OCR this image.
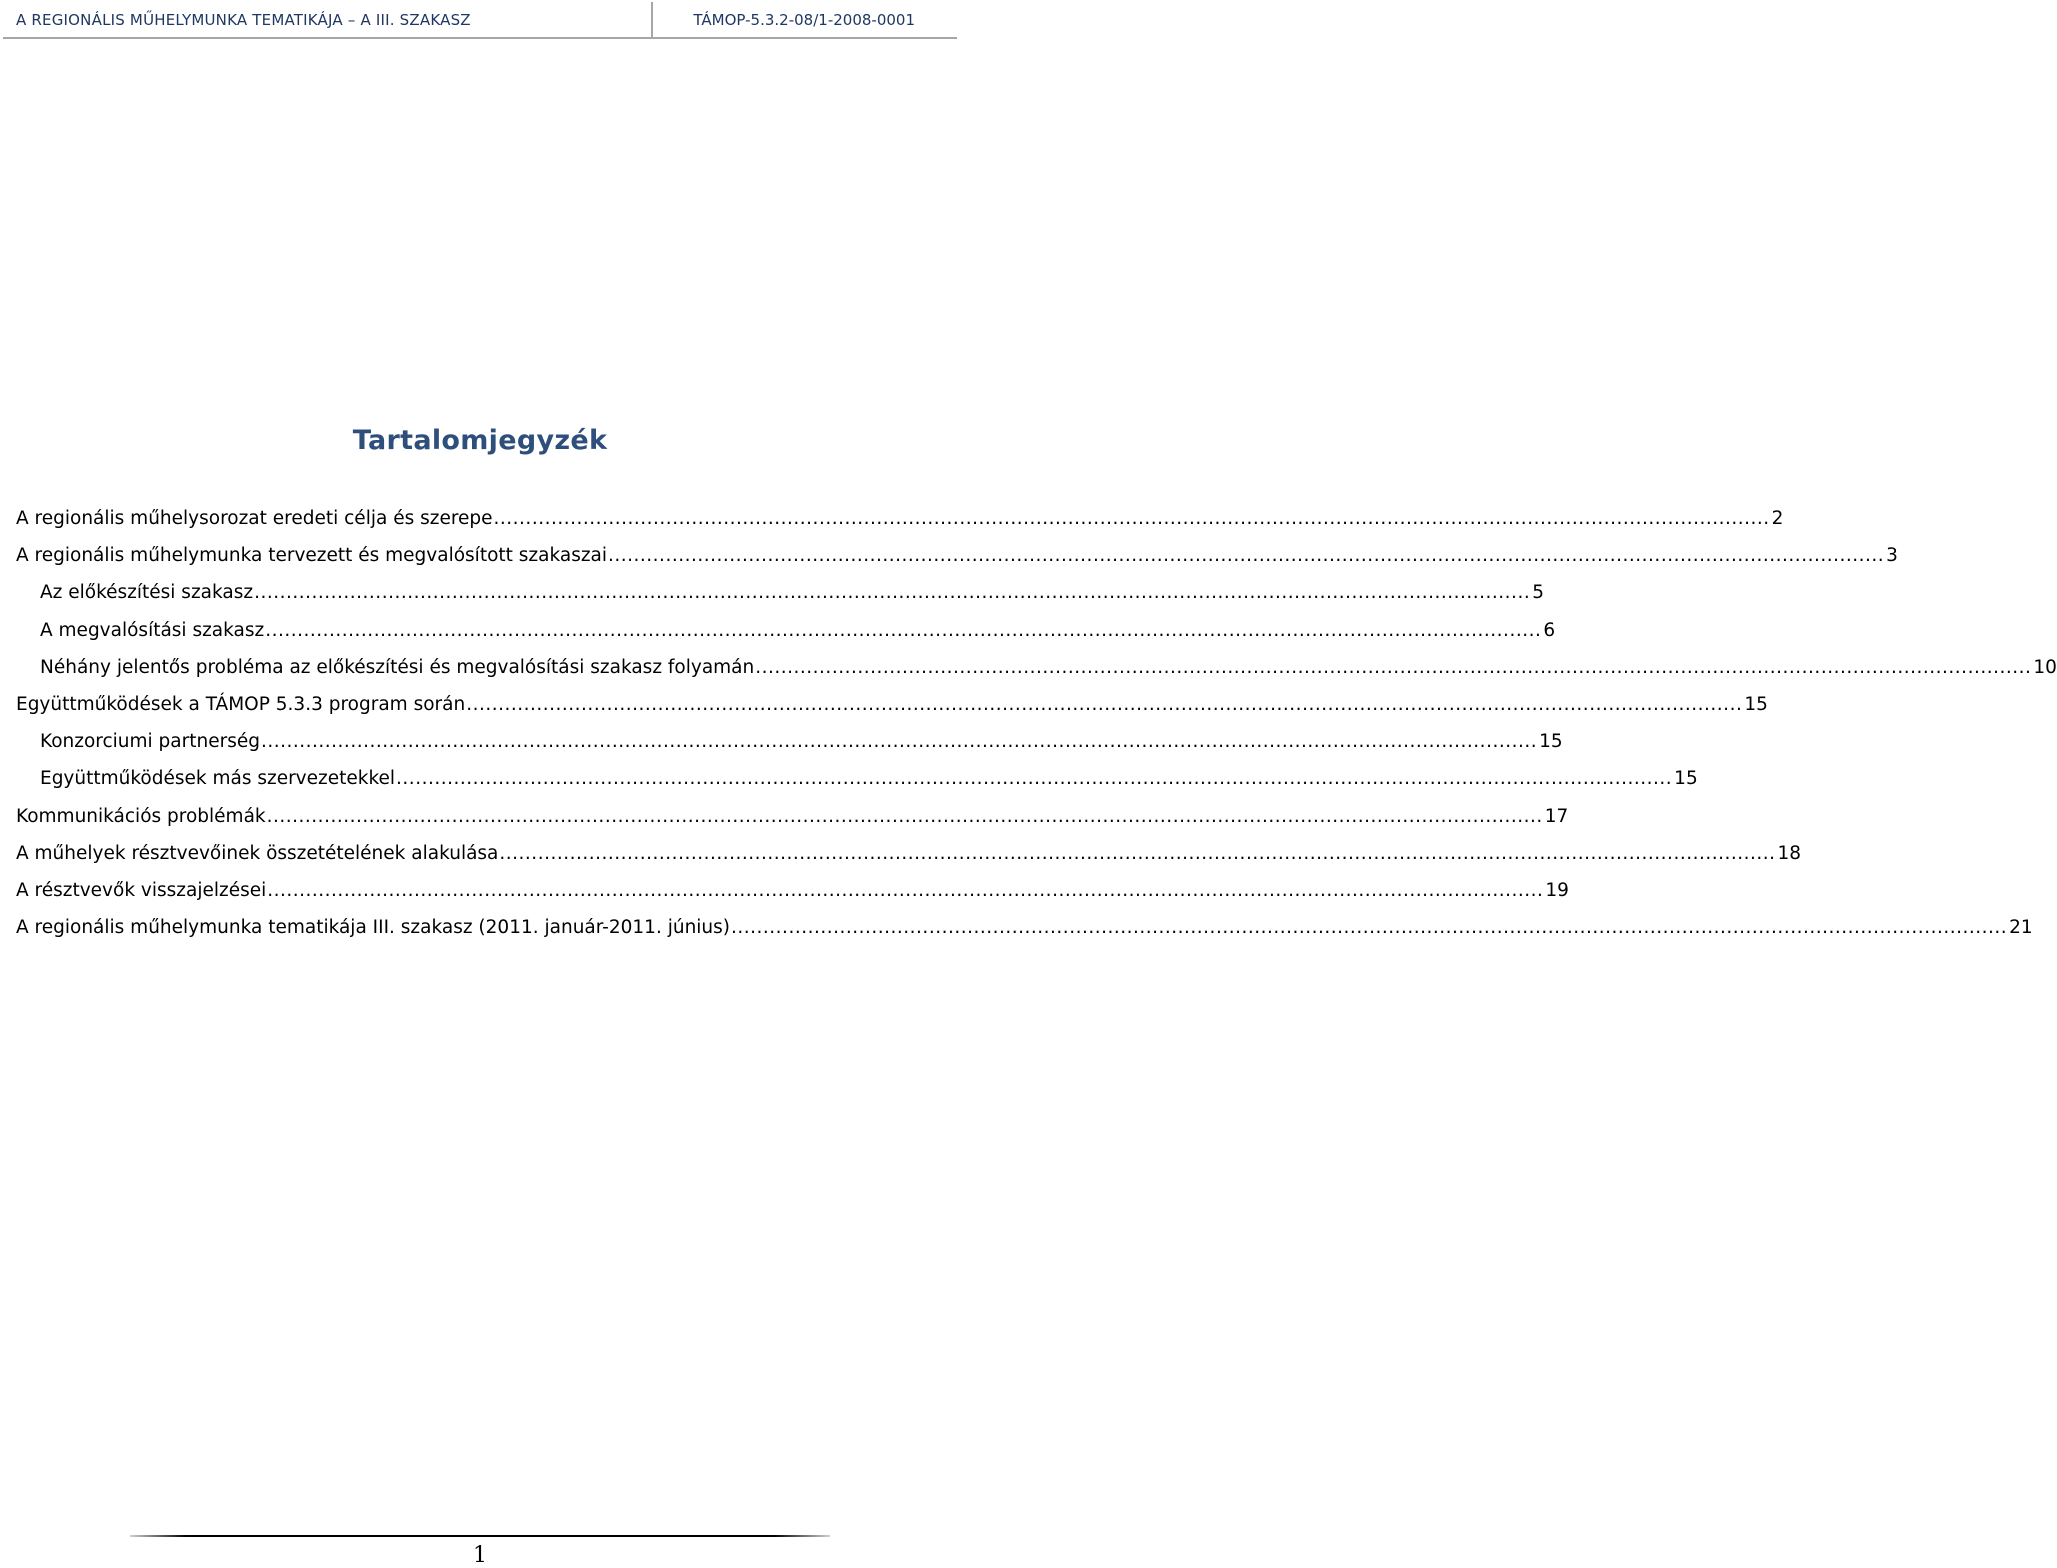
A REGIONÁLIS MŰHELYMUNKA TEMATIKÁJA – A III. SZAKASZ	TÁMOP-5.3.2-08/1-2008-0001
Tartalomjegyzék
A regionális műhelysorozat eredeti célja és szerepe ........................................................................................................................................................................................................ 2
A regionális műhelymunka tervezett és megvalósított szakaszai ........................................................................................................................................................................................................ 3
Az előkészítési szakasz ........................................................................................................................................................................................................ 5
A megvalósítási szakasz ........................................................................................................................................................................................................ 6
Néhány jelentős probléma az előkészítési és megvalósítási szakasz folyamán ........................................................................................................................................................................................................ 10
Együttműködések a TÁMOP 5.3.3 program során ........................................................................................................................................................................................................ 15
Konzorciumi partnerség ........................................................................................................................................................................................................ 15
Együttműködések más szervezetekkel ........................................................................................................................................................................................................ 15
Kommunikációs problémák ........................................................................................................................................................................................................ 17
A műhelyek résztvevőinek összetételének alakulása ........................................................................................................................................................................................................ 18
A résztvevők visszajelzései ........................................................................................................................................................................................................ 19
A regionális műhelymunka tematikája III. szakasz (2011. január-2011. június) ........................................................................................................................................................................................................ 21
1
